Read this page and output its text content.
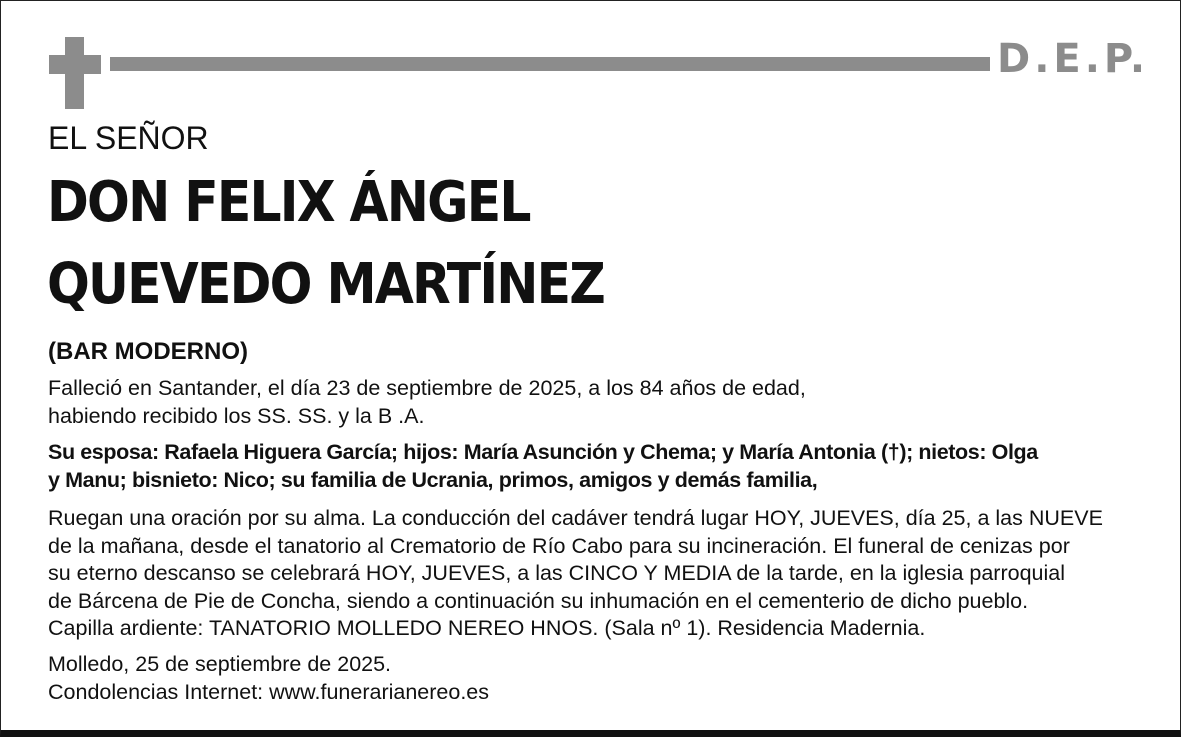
D.E.P.
EL SEÑOR
DON FELIX ÁNGEL
QUEVEDO MARTÍNEZ
(BAR MODERNO)
Falleció en Santander, el día 23 de septiembre de 2025, a los 84 años de edad,
habiendo recibido los SS. SS. y la B .A.
Su esposa: Rafaela Higuera García; hijos: María Asunción y Chema; y María Antonia (†); nietos: Olga
y Manu; bisnieto: Nico; su familia de Ucrania, primos, amigos y demás familia,
Ruegan una oración por su alma. La conducción del cadáver tendrá lugar HOY, JUEVES, día 25, a las NUEVE
de la mañana, desde el tanatorio al Crematorio de Río Cabo para su incineración. El funeral de cenizas por
su eterno descanso se celebrará HOY, JUEVES, a las CINCO Y MEDIA de la tarde, en la iglesia parroquial
de Bárcena de Pie de Concha, siendo a continuación su inhumación en el cementerio de dicho pueblo.
Capilla ardiente: TANATORIO MOLLEDO NEREO HNOS. (Sala nº 1). Residencia Madernia.
Molledo, 25 de septiembre de 2025.
Condolencias Internet: www.funerarianereo.es
